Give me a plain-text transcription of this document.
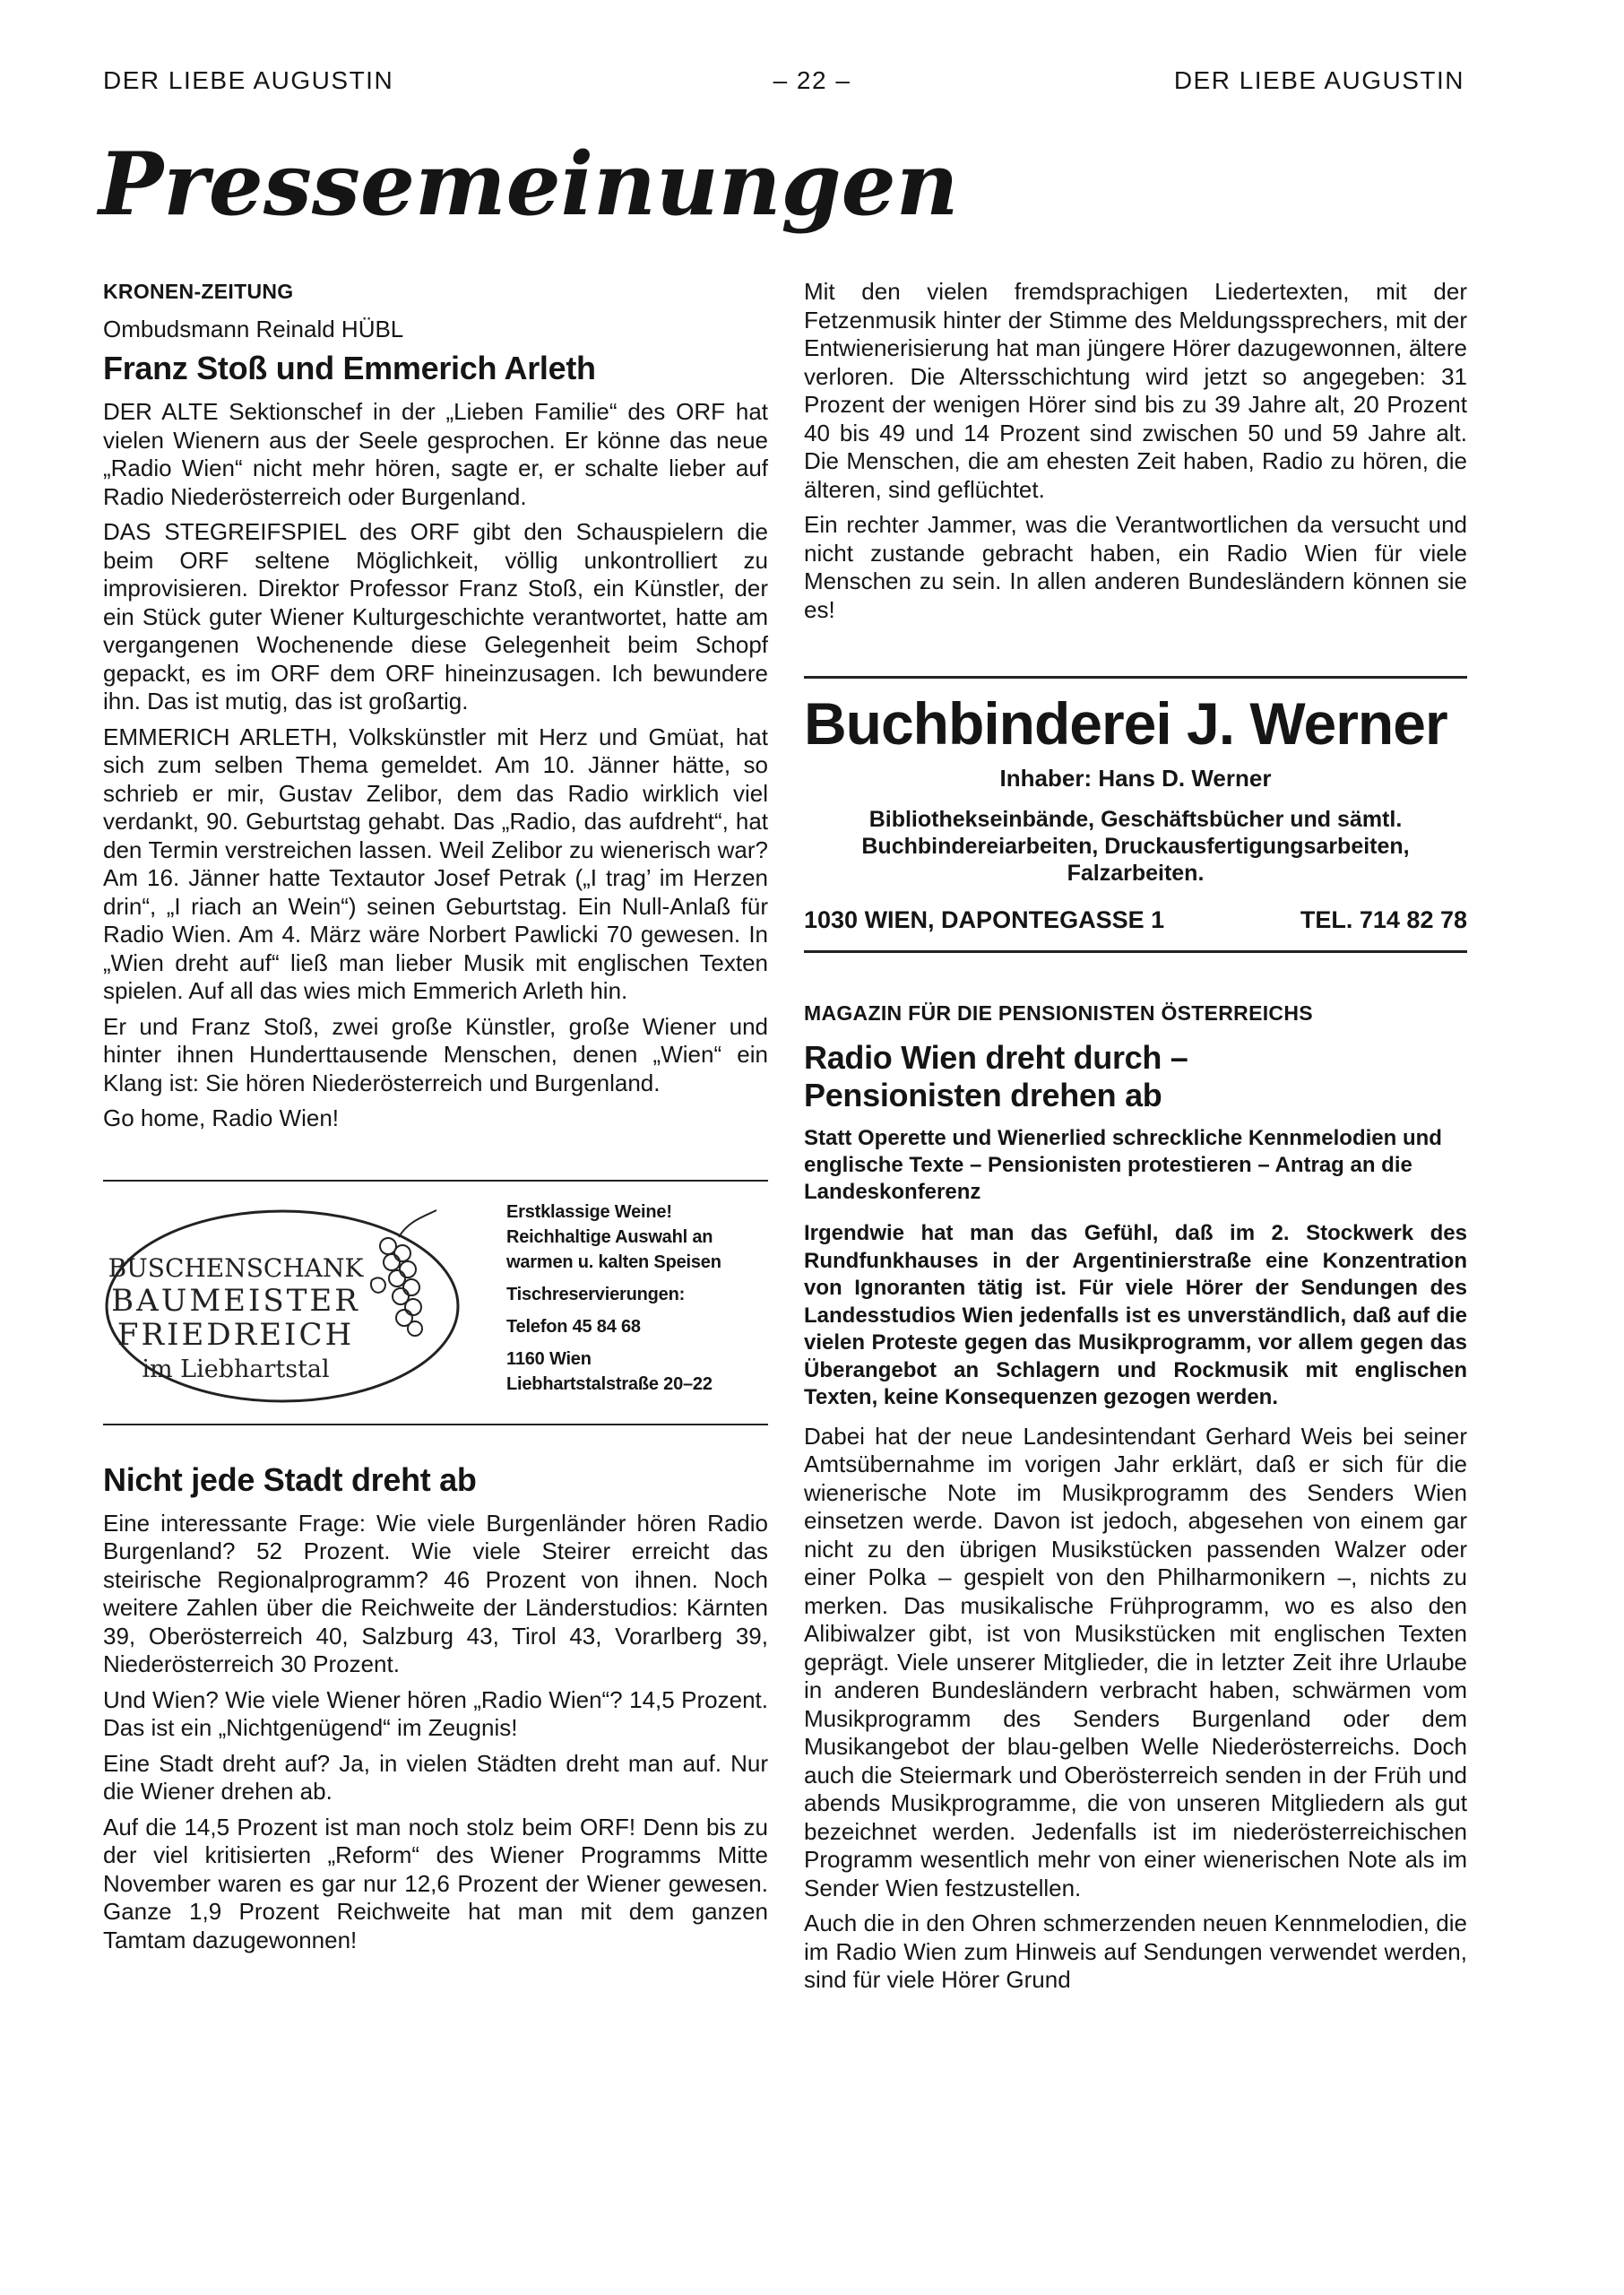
DER LIEBE AUGUSTIN	– 22 –	DER LIEBE AUGUSTIN
Pressemeinungen
KRONEN-ZEITUNG
Ombudsmann Reinald HÜBL
Franz Stoß und Emmerich Arleth

DER ALTE Sektionschef in der „Lieben Familie“ des ORF hat vielen Wienern aus der Seele gesprochen. Er könne das neue „Radio Wien“ nicht mehr hören, sagte er, er schalte lieber auf Radio Niederösterreich oder Burgenland.

DAS STEGREIFSPIEL des ORF gibt den Schauspielern die beim ORF seltene Möglichkeit, völlig unkontrolliert zu improvisieren. Direktor Professor Franz Stoß, ein Künstler, der ein Stück guter Wiener Kulturgeschichte verantwortet, hatte am vergangenen Wochenende diese Gelegenheit beim Schopf gepackt, es im ORF dem ORF hineinzusagen. Ich bewundere ihn. Das ist mutig, das ist großartig.

EMMERICH ARLETH, Volkskünstler mit Herz und Gmüat, hat sich zum selben Thema gemeldet. Am 10. Jänner hätte, so schrieb er mir, Gustav Zelibor, dem das Radio wirklich viel verdankt, 90. Geburtstag gehabt. Das „Radio, das aufdreht“, hat den Termin verstreichen lassen. Weil Zelibor zu wienerisch war? Am 16. Jänner hatte Textautor Josef Petrak („I trag’ im Herzen drin“, „I riach an Wein“) seinen Geburtstag. Ein Null-Anlaß für Radio Wien. Am 4. März wäre Norbert Pawlicki 70 gewesen. In „Wien dreht auf“ ließ man lieber Musik mit englischen Texten spielen. Auf all das wies mich Emmerich Arleth hin.

Er und Franz Stoß, zwei große Künstler, große Wiener und hinter ihnen Hunderttausende Menschen, denen „Wien“ ein Klang ist: Sie hören Niederösterreich und Burgenland.

Go home, Radio Wien!

BUSCHENSCHANK
BAUMEISTER
FRIEDREICH
im Liebhartstal
Erstklassige Weine!
Reichhaltige Auswahl an warmen u. kalten Speisen
Tischreservierungen:
Telefon 45 84 68
1160 Wien
Liebhartstalstraße 20–22
Nicht jede Stadt dreht ab

Eine interessante Frage: Wie viele Burgenländer hören Radio Burgenland? 52 Prozent. Wie viele Steirer erreicht das steirische Regionalprogramm? 46 Prozent von ihnen. Noch weitere Zahlen über die Reichweite der Länderstudios: Kärnten 39, Oberösterreich 40, Salzburg 43, Tirol 43, Vorarlberg 39, Niederösterreich 30 Prozent.

Und Wien? Wie viele Wiener hören „Radio Wien“? 14,5 Prozent. Das ist ein „Nichtgenügend“ im Zeugnis!

Eine Stadt dreht auf? Ja, in vielen Städten dreht man auf. Nur die Wiener drehen ab.

Auf die 14,5 Prozent ist man noch stolz beim ORF! Denn bis zu der viel kritisierten „Reform“ des Wiener Programms Mitte November waren es gar nur 12,6 Prozent der Wiener gewesen. Ganze 1,9 Prozent Reichweite hat man mit dem ganzen Tamtam dazugewonnen!

Mit den vielen fremdsprachigen Liedertexten, mit der Fetzenmusik hinter der Stimme des Meldungssprechers, mit der Entwienerisierung hat man jüngere Hörer dazugewonnen, ältere verloren. Die Altersschichtung wird jetzt so angegeben: 31 Prozent der wenigen Hörer sind bis zu 39 Jahre alt, 20 Prozent 40 bis 49 und 14 Prozent sind zwischen 50 und 59 Jahre alt. Die Menschen, die am ehesten Zeit haben, Radio zu hören, die älteren, sind geflüchtet.

Ein rechter Jammer, was die Verantwortlichen da versucht und nicht zustande gebracht haben, ein Radio Wien für viele Menschen zu sein. In allen anderen Bundesländern können sie es!

Buchbinderei J. Werner
Inhaber: Hans D. Werner
Bibliothekseinbände, Geschäftsbücher und sämtl.
Buchbindereiarbeiten, Druckausfertigungsarbeiten,
Falzarbeiten.
1030 WIEN, DAPONTEGASSE 1	TEL. 714 82 78
MAGAZIN FÜR DIE PENSIONISTEN ÖSTERREICHS
Radio Wien dreht durch –
Pensionisten drehen ab
Statt Operette und Wienerlied schreckliche Kennmelodien und englische Texte – Pensionisten protestieren – Antrag an die Landeskonferenz
Irgendwie hat man das Gefühl, daß im 2. Stockwerk des Rundfunkhauses in der Argentinierstraße eine Konzentration von Ignoranten tätig ist. Für viele Hörer der Sendungen des Landesstudios Wien jedenfalls ist es unverständlich, daß auf die vielen Proteste gegen das Musikprogramm, vor allem gegen das Überangebot an Schlagern und Rockmusik mit englischen Texten, keine Konsequenzen gezogen werden.

Dabei hat der neue Landesintendant Gerhard Weis bei seiner Amtsübernahme im vorigen Jahr erklärt, daß er sich für die wienerische Note im Musikprogramm des Senders Wien einsetzen werde. Davon ist jedoch, abgesehen von einem gar nicht zu den übrigen Musikstücken passenden Walzer oder einer Polka – gespielt von den Philharmonikern –, nichts zu merken. Das musikalische Frühprogramm, wo es also den Alibiwalzer gibt, ist von Musikstücken mit englischen Texten geprägt. Viele unserer Mitglieder, die in letzter Zeit ihre Urlaube in anderen Bundesländern verbracht haben, schwärmen vom Musikprogramm des Senders Burgenland oder dem Musikangebot der blau-gelben Welle Niederösterreichs. Doch auch die Steiermark und Oberösterreich senden in der Früh und abends Musikprogramme, die von unseren Mitgliedern als gut bezeichnet werden. Jedenfalls ist im niederösterreichischen Programm wesentlich mehr von einer wienerischen Note als im Sender Wien festzustellen.

Auch die in den Ohren schmerzenden neuen Kennmelodien, die im Radio Wien zum Hinweis auf Sendungen verwendet werden, sind für viele Hörer Grund
